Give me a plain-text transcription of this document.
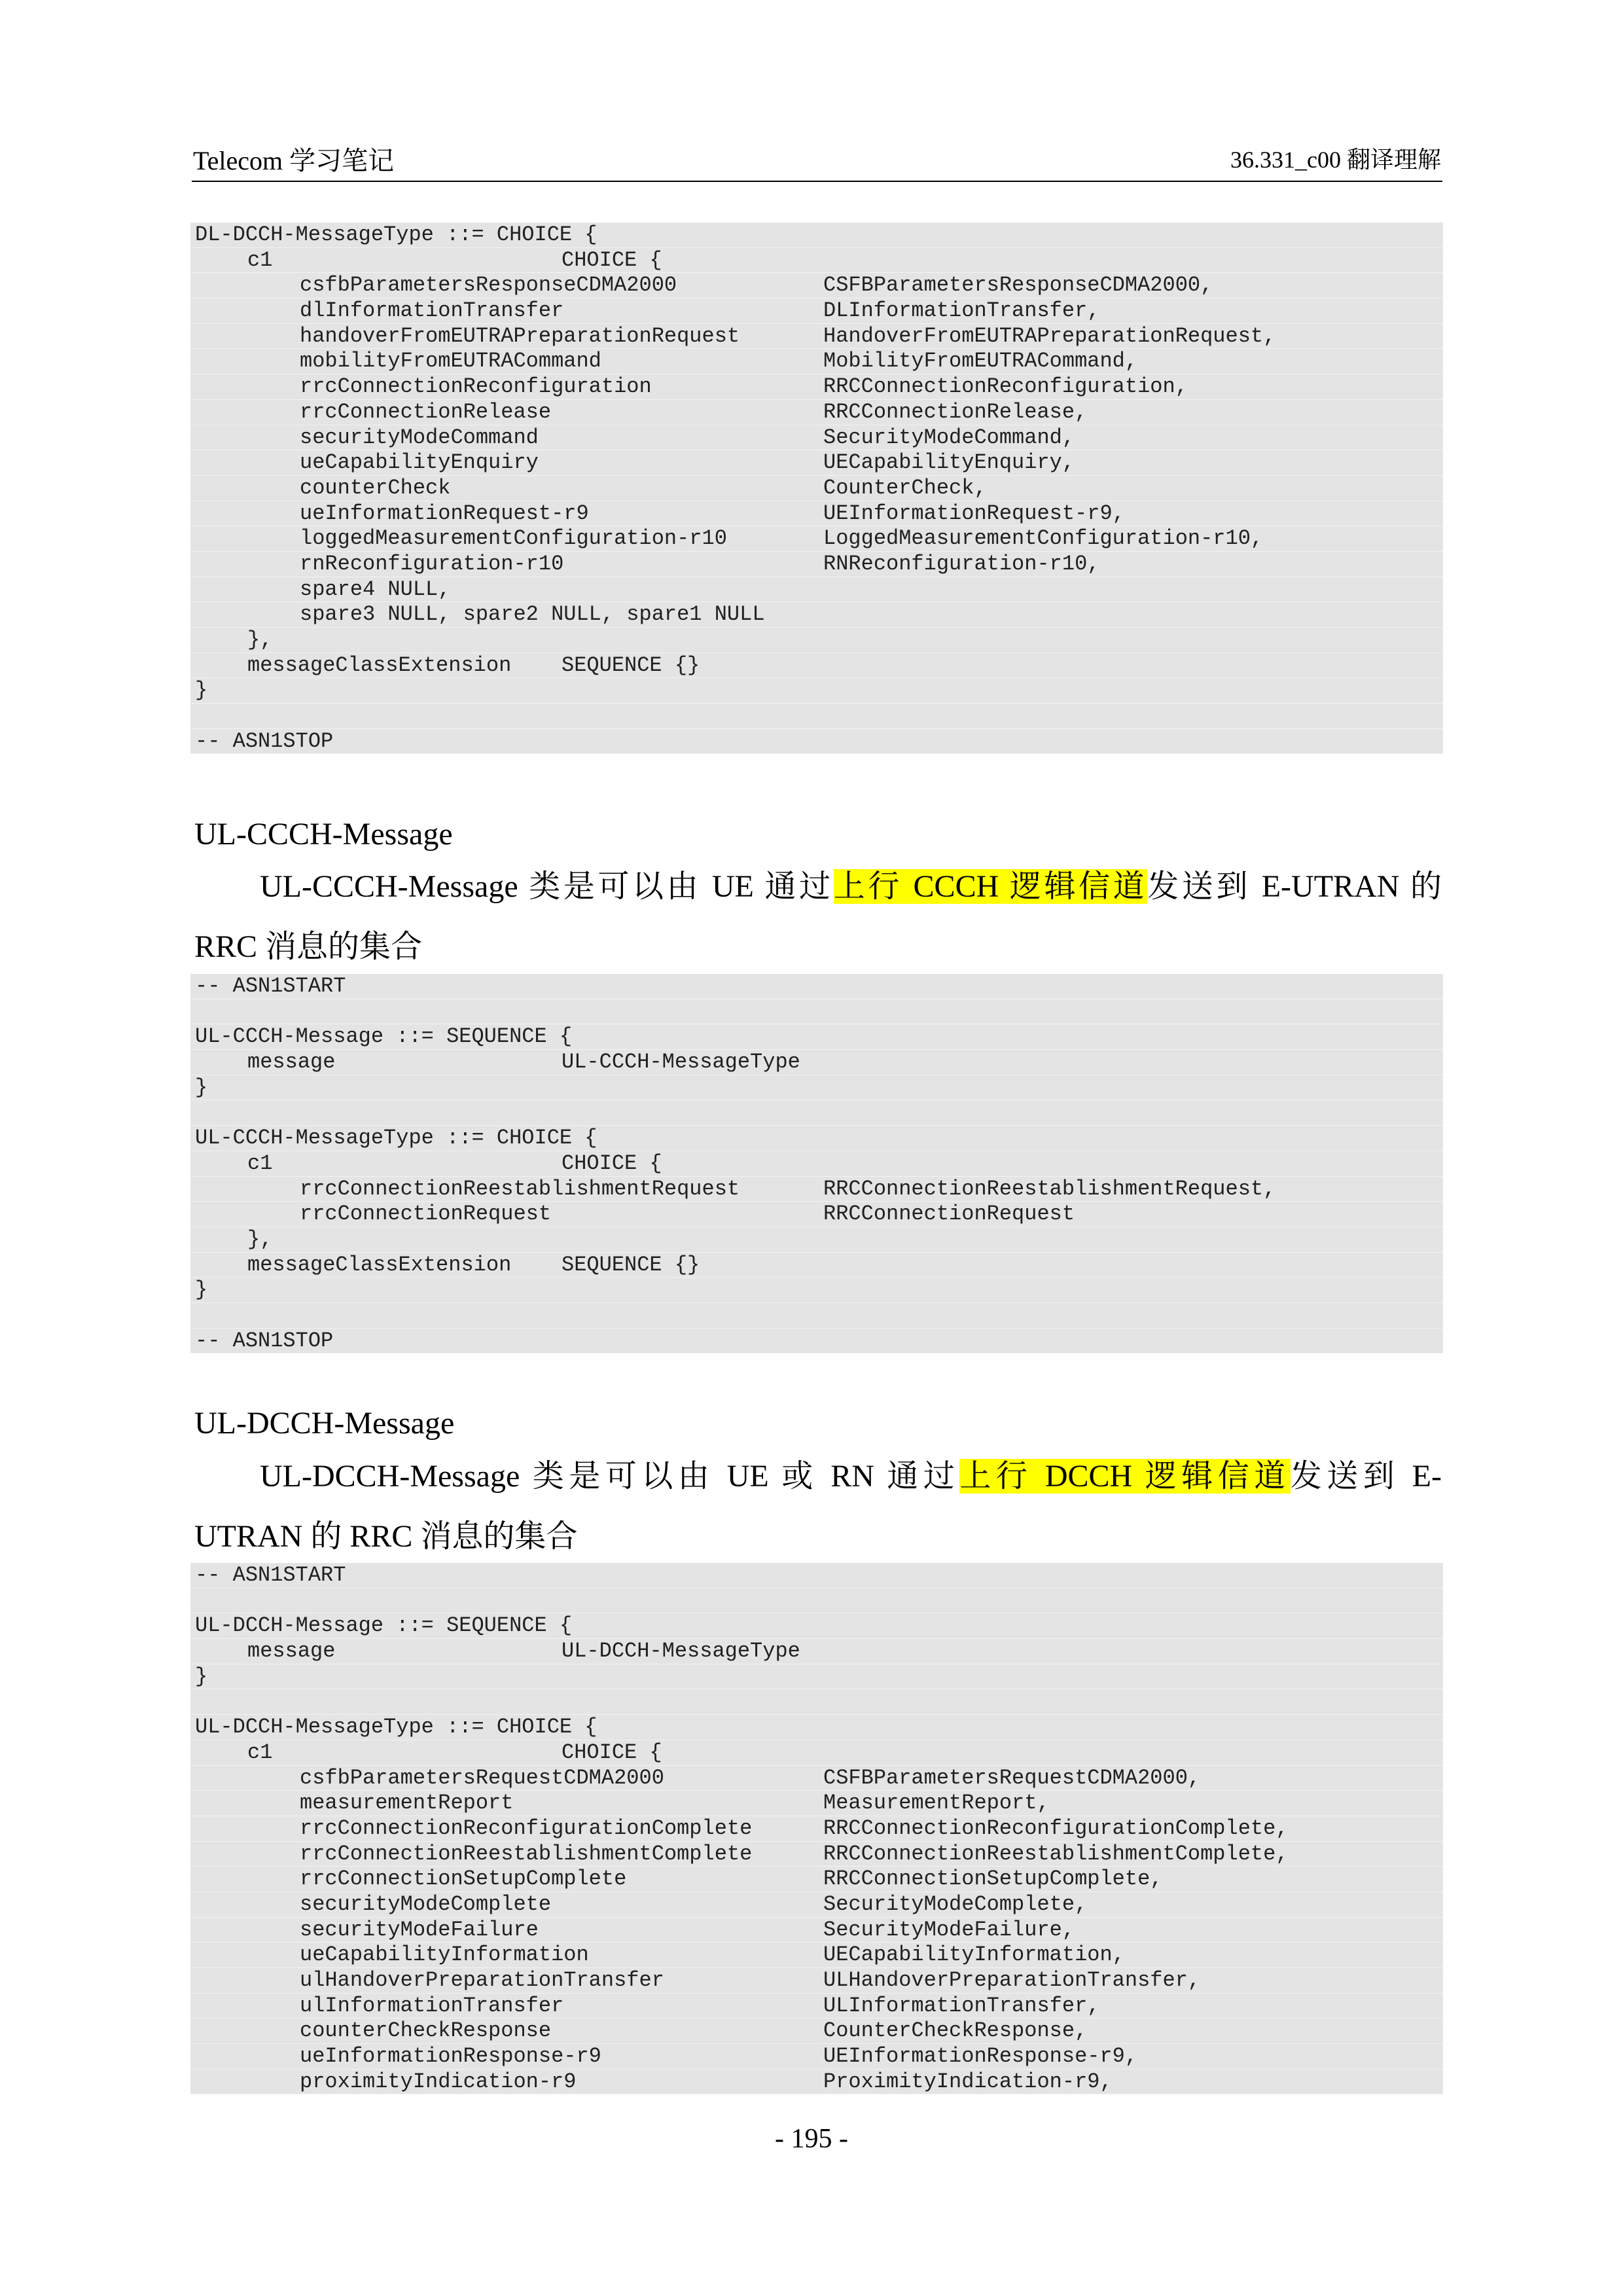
Telecom 学习笔记	36.331_c00 翻译理解
DL-DCCH-MessageType ::= CHOICE {
c1	CHOICE {
csfbParametersResponseCDMA2000	CSFBParametersResponseCDMA2000,
dlInformationTransfer	DLInformationTransfer,
handoverFromEUTRAPreparationRequest	HandoverFromEUTRAPreparationRequest,
mobilityFromEUTRACommand	MobilityFromEUTRACommand,
rrcConnectionReconfiguration	RRCConnectionReconfiguration,
rrcConnectionRelease	RRCConnectionRelease,
securityModeCommand	SecurityModeCommand,
ueCapabilityEnquiry	UECapabilityEnquiry,
counterCheck	CounterCheck,
ueInformationRequest-r9	UEInformationRequest-r9,
loggedMeasurementConfiguration-r10	LoggedMeasurementConfiguration-r10,
rnReconfiguration-r10	RNReconfiguration-r10,
spare4 NULL,
spare3 NULL, spare2 NULL, spare1 NULL
},
messageClassExtension SEQUENCE {}
}
-- ASN1STOP
UL-CCCH-Message
UL-CCCH-Message 类是可以由 UE 通过上行 CCCH 逻辑信道发送到 E-UTRAN 的
RRC 消息的集合
-- ASN1START
UL-CCCH-Message ::= SEQUENCE {
message	UL-CCCH-MessageType
}
UL-CCCH-MessageType ::= CHOICE {
c1	CHOICE {
rrcConnectionReestablishmentRequest	RRCConnectionReestablishmentRequest,
rrcConnectionRequest	RRCConnectionRequest
},
messageClassExtension SEQUENCE {}
}
-- ASN1STOP
UL-DCCH-Message
UL-DCCH-Message 类是可以由 UE 或 RN 通过上行 DCCH 逻辑信道发送到 E-
UTRAN 的 RRC 消息的集合
-- ASN1START
UL-DCCH-Message ::= SEQUENCE {
message	UL-DCCH-MessageType
}
UL-DCCH-MessageType ::= CHOICE {
c1	CHOICE {
csfbParametersRequestCDMA2000	CSFBParametersRequestCDMA2000,
measurementReport	MeasurementReport,
rrcConnectionReconfigurationComplete	RRCConnectionReconfigurationComplete,
rrcConnectionReestablishmentComplete	RRCConnectionReestablishmentComplete,
rrcConnectionSetupComplete	RRCConnectionSetupComplete,
securityModeComplete	SecurityModeComplete,
securityModeFailure	SecurityModeFailure,
ueCapabilityInformation	UECapabilityInformation,
ulHandoverPreparationTransfer	ULHandoverPreparationTransfer,
ulInformationTransfer	ULInformationTransfer,
counterCheckResponse	CounterCheckResponse,
ueInformationResponse-r9	UEInformationResponse-r9,
proximityIndication-r9	ProximityIndication-r9,
- 195 -
